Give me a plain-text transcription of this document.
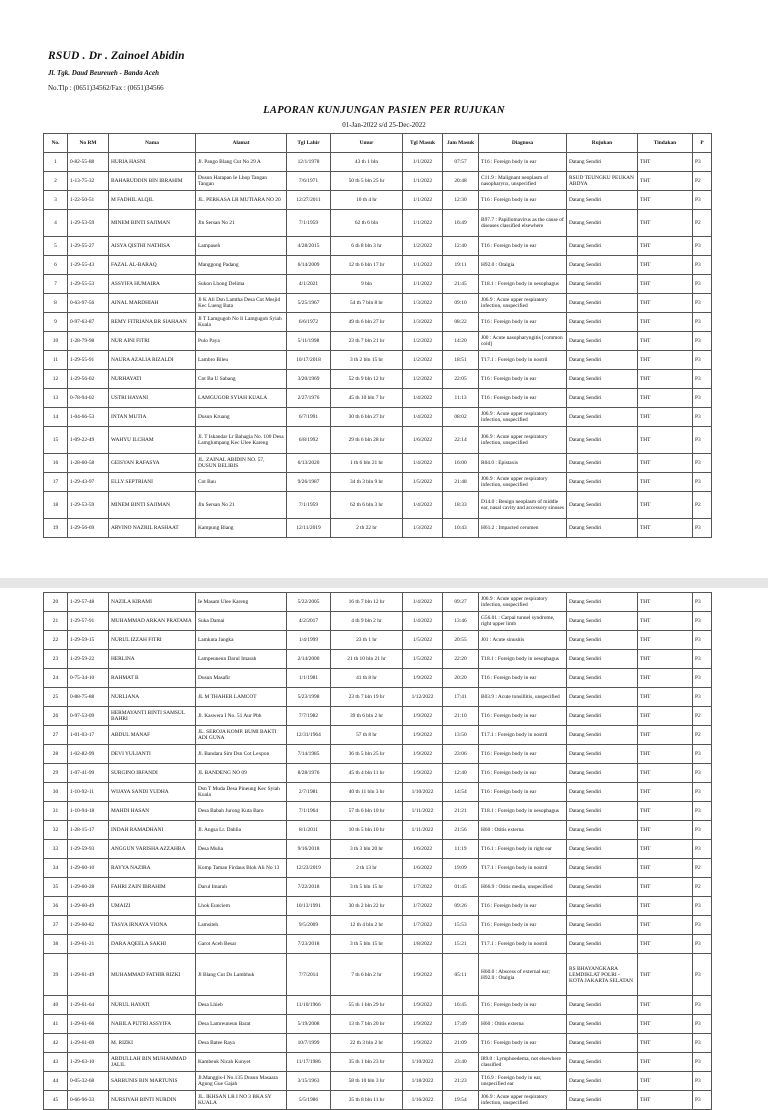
RSUD . Dr . Zainoel Abidin
Jl. Tgk. Daud Beureueh - Banda Aceh
No.Tlp : (0651)34562/Fax : (0651)34566
LAPORAN KUNJUNGAN PASIEN PER RUJUKAN
01-Jan-2022 s/d 25-Dec-2022
No.	No RM	Nama	Alamat	Tgl Lahir	Umur	Tgl Masuk	Jam Masuk	Diagnosa	Rujukan	Tindakan	P
1	0-82-55-88	HURIA HASNI	Jl. Pango Blang Cut No 29 A	12/1/1978	43 th 1 bln	1/1/2022	07:57	T16 : Foreign body in ear	Datang Sendiri	THT	P3
2	1-13-75-32	BAHARUDDIN BIN IBRAHIM	Dusun Harapan Ie Lhop Tangan Tangan	7/6/1971	50 th 5 bln 25 hr	1/1/2022	20:48	C11.9 : Malignant neoplasm of nasopharynx, unspecified	RSUD TEUNGKU PEUKAN ABDYA	THT	P2
3	1-22-50-51	M FADHIL ALQIL	JL. PERKASA LR MUTIARA NO 20	12/27/2011	10 th 4 hr	1/1/2022	12:30	T16 : Foreign body in ear	Datang Sendiri	THT	P3
4	1-29-53-59	MINEM BINTI SAJIMAN	Jln Sersan No 21	7/1/1959	62 th 6 bln	1/1/2022	16:49	B97.7 : Papillomavirus as the cause of diseases classified elsewhere	Datang Sendiri	THT	P2
5	1-29-55-27	AISYA QISTHI NATHISA	Lampaseh	4/28/2015	6 th 8 bln 3 hr	1/2/2022	12:40	T16 : Foreign body in ear	Datang Sendiri	THT	P3
6	1-29-55-43	FAZAL AL-BARAQ	Manggong Padang	6/14/2009	12 th 6 bln 17 hr	1/1/2022	19:11	H92.0 : Otalgia	Datang Sendiri	THT	P3
7	1-29-55-53	ASSYIFA HUMAIRA	Sukon Lhong Delima	4/1/2021	9 bln	1/1/2022	21:45	T18.1 : Foreign body in oesophagus	Datang Sendiri	THT	P3
8	0-63-97-56	AINAL MARDHIAH	Jl K Ali Dsn Lamtha Desa Cot Mesjid Kec Lueng Bata	5/25/1967	54 th 7 bln 8 hr	1/3/2022	09:10	J06.9 : Acute upper respiratory infection, unspecified	Datang Sendiri	THT	P3
9	0-97-63-87	REMY FITRIANA BR SIAHAAN	Jl T Lamgugob No Ii Lamgugob Syiah Kuala	6/6/1972	49 th 6 bln 27 hr	1/3/2022	08:22	T16 : Foreign body in ear	Datang Sendiri	THT	P3
10	1-28-79-98	NUR AINI FITRI	Pulo Paya	5/11/1998	23 th 7 bln 21 hr	1/2/2022	14:20	J00 : Acute nasopharyngitis [common cold]	Datang Sendiri	THT	P3
11	1-29-55-91	NAURA AZALIA RIZALDI	Lambro Bileu	10/17/2018	3 th 2 bln 15 hr	1/2/2022	18:51	T17.1 : Foreign body in nostril	Datang Sendiri	THT	P3
12	1-29-56-02	NURHAYATI	Cot Ba U Sabang	3/20/1969	52 th 9 bln 12 hr	1/2/2022	22:05	T16 : Foreign body in ear	Datang Sendiri	THT	P3
13	0-78-94-02	USTRI HAYANI	LAMGUGOB SYIAH KUALA	2/27/1976	45 th 10 bln 7 hr	1/4/2022	11:13	T16 : Foreign body in ear	Datang Sendiri	THT	P3
14	1-04-66-53	INTAN MUTIA	Dusun Kruang	6/7/1991	30 th 6 bln 27 hr	1/4/2022	08:02	J06.9 : Acute upper respiratory infection, unspecified	Datang Sendiri	THT	P3
15	1-09-22-49	WAHYU ILCHAM	Jl. T Iskandar Lr Bahagia No. 100 Desa Lamglumpang Kec Ulee Kareng	6/8/1992	29 th 6 bln 28 hr	1/6/2022	22:14	J06.9 : Acute upper respiratory infection, unspecified	Datang Sendiri	THT	P3
16	1-28-60-58	GEISYAN RAFASYA	JL. ZAINAL ABIDIN NO. 57, DUSUN BELIBIS	6/13/2020	1 th 6 bln 21 hr	1/4/2022	16:00	R04.0 : Epistaxis	Datang Sendiri	THT	P3
17	1-29-43-97	ELLY SEPTRIANI	Cot Bau	9/26/1987	34 th 3 bln 9 hr	1/5/2022	21:48	J06.9 : Acute upper respiratory infection, unspecified	Datang Sendiri	THT	P3
18	1-29-53-59	MINEM BINTI SAJIMAN	Jln Sersan No 21	7/1/1959	62 th 6 bln 3 hr	1/4/2022	18:33	D14.0 : Benign neoplasm of middle ear, nasal cavity and accessory sinuses	Datang Sendiri	THT	P2
19	1-29-56-69	ARVINO NAZRIL RASHAAT	Kampung Blang	12/11/2019	2 th 22 hr	1/3/2022	10:43	H61.2 : Impacted cerumen	Datang Sendiri	THT	P3
20	1-29-57-48	NAZILA KIRAMI	Ie Masam Ulee Kareng	5/22/2005	16 th 7 bln 12 hr	1/4/2022	09:27	J06.9 : Acute upper respiratory infection, unspecified	Datang Sendiri	THT	P3
21	1-29-57-91	MUHAMMAD ARKAN PRATAMA	Suka Damai	4/2/2017	4 th 9 bln 2 hr	1/4/2022	13:46	G56.01 : Carpal tunnel syndrome, right upper limb	Datang Sendiri	THT	P3
22	1-29-59-15	NURUL IZZAH FITRI	Lamkuta Jangka	1/4/1999	23 th 1 hr	1/5/2022	20:55	J01 : Acute sinusitis	Datang Sendiri	THT	P3
23	1-29-59-22	HERLINA	Lampeuneun Darul Imarah	2/14/2000	21 th 10 bln 21 hr	1/5/2022	22:20	T18.1 : Foreign body in oesophagus	Datang Sendiri	THT	P3
24	0-75-34-10	RAHMAT B	Dusun Masafir	1/1/1981	41 th 8 hr	1/9/2022	20:20	T16 : Foreign body in ear	Datang Sendiri	THT	P3
25	0-88-75-88	NURLIANA	JL M THAHER LAMCOT	5/23/1998	23 th 7 bln 19 hr	1/12/2022	17:41	B03.9 : Acute tonsillitis, unspecified	Datang Sendiri	THT	P3
26	0-97-53-09	HERMAYANTI BINTI SAMSUL BAHRI	Jl. Kaswera I No. 51 Aur Pbh	7/7/1982	39 th 6 bln 2 hr	1/9/2022	21:10	T16 : Foreign body in ear	Datang Sendiri	THT	P2
27	1-01-03-17	ABDUL MANAF	JL. SEROJA KOMP. BUMI BAKTI ADI GUNA	12/31/1964	57 th 8 hr	1/9/2022	13:50	T17.1 : Foreign body in nostril	Datang Sendiri	THT	P2
28	1-02-82-99	DEVI YULIANTI	Jl. Bandara Sim Dsn Cot Lexpon	7/14/1985	36 th 5 bln 25 hr	1/9/2022	23:06	T16 : Foreign body in ear	Datang Sendiri	THT	P3
29	1-07-41-99	SURGINO IRFANDI	JL BANDENG NO 09	8/28/1976	45 th 4 bln 11 hr	1/9/2022	12:40	T16 : Foreign body in ear	Datang Sendiri	THT	P3
30	1-10-92-11	WIJAYA SANDI YUDHA	Dsn T Muda Desa Pineung Kec Syiah Kuala	2/7/1981	40 th 11 bln 3 hr	1/10/2022	14:54	T16 : Foreign body in ear	Datang Sendiri	THT	P3
31	1-10-94-18	MAHDI HASAN	Desa Babah Jurong Kuta Baro	7/1/1964	57 th 6 bln 10 hr	1/11/2022	21:21	T18.1 : Foreign body in oesophagus	Datang Sendiri	THT	P3
32	1-28-15-17	INDAH RAMADHANI	Jl. Angsa Lr. Dahlia	8/1/2011	10 th 5 bln 10 hr	1/11/2022	21:56	H60 : Otitis externa	Datang Sendiri	THT	P3
33	1-29-59-93	ANGGUN VARISHA AZZAHRA	Desa Mulia	9/16/2018	3 th 3 bln 20 hr	1/6/2022	11:19	T16.1 : Foreign body in right ear	Datang Sendiri	THT	P3
34	1-29-60-10	RAYYA NAZIRA	Komp Taman Firdaus Blok Ali No 13	12/23/2019	2 th 13 hr	1/6/2022	19:09	T17.1 : Foreign body in nostril	Datang Sendiri	THT	P2
35	1-29-60-28	FAHRI ZAIN IBRAHIM	Darul Imarah	7/22/2018	3 th 5 bln 15 hr	1/7/2022	01:45	H66.9 : Otitis media, unspecified	Datang Sendiri	THT	P2
36	1-29-60-49	UMAIZI	Lhok Eunciem	10/13/1991	30 th 2 bln 22 hr	1/7/2022	09:26	T16 : Foreign body in ear	Datang Sendiri	THT	P3
37	1-29-60-82	TASYA IRNAYA VIONA	Lamsiteh	9/5/2009	12 th 4 bln 2 hr	1/7/2022	15:53	T16 : Foreign body in ear	Datang Sendiri	THT	P3
38	1-29-61-21	DARA AQEELA SAKHI	Garot Aceh Besar	7/23/2018	3 th 5 bln 15 hr	1/8/2022	15:21	T17.1 : Foreign body in nostril	Datang Sendiri	THT	P3
39	1-29-61-49	MUHAMMAD FATHIR RIZKI	Jl Blang Cut Ds Lambhuk	7/7/2014	7 th 6 bln 2 hr	1/9/2022	05:11	H60.0 : Abscess of external ear; H92.0 : Otalgia	RS BHAYANGKARA LEMDIKLAT POLRI - KOTA JAKARTA SELATAN	THT	P3
40	1-29-61-64	NURUL HAYATI	Desa Lhieb	11/10/1966	55 th 1 bln 29 hr	1/9/2022	16:45	T16 : Foreign body in ear	Datang Sendiri	THT	P3
41	1-29-61-66	NABILA PUTRI ASSYIFA	Desa Lamreuneun Barat	5/19/2008	13 th 7 bln 20 hr	1/9/2022	17:49	H60 : Otitis externa	Datang Sendiri	THT	P3
42	1-29-61-69	M. RIZKI	Desa Batee Raya	10/7/1999	22 th 3 bln 2 hr	1/9/2022	21:09	T16 : Foreign body in ear	Datang Sendiri	THT	P3
43	1-29-63-10	ABDULLAH BIN MUHAMMAD JALIL	Kambeuk Nicah Kunyet	11/17/1986	35 th 1 bln 23 hr	1/10/2022	23:40	I89.0 : Lymphoedema, not elsewhere classified	Datang Sendiri	THT	P3
44	0-05-32-68	SARBUNIS BIN MARTUNIS	Jl.Manggis-I No.135 Dusun Masaara Agung Gue Gajah	3/15/1963	58 th 10 bln 3 hr	1/18/2022	21:23	T16.9 : Foreign body in ear, unspecified ear	Datang Sendiri	THT	P3
45	0-66-96-33	NURSIYAH BINTI NURDIN	JL. IKHSAN LR I NO 3 BKA SY KUALA	5/5/1986	35 th 8 bln 11 hr	1/16/2022	19:54	J06.9 : Acute upper respiratory infection, unspecified	Datang Sendiri	THT	P3
